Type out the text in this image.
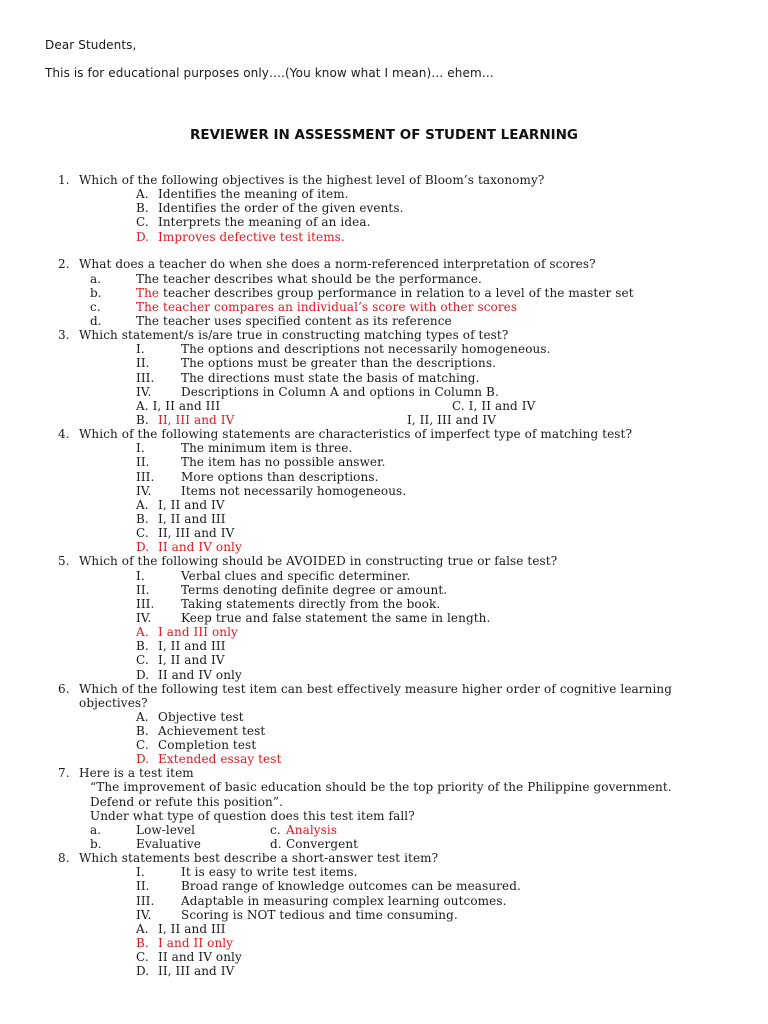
Dear Students,
This is for educational purposes only….(You know what I mean)… ehem…
REVIEWER IN ASSESSMENT OF STUDENT LEARNING
1. Which of the following objectives is the highest level of Bloom’s taxonomy?
A. Identifies the meaning of item.
B. Identifies the order of the given events.
C. Interprets the meaning of an idea.
D. Improves defective test items.
2. What does a teacher do when she does a norm-referenced interpretation of scores?
a.	The teacher describes what should be the performance.
b.	The teacher describes group performance in relation to a level of the master set
c.	The teacher compares an individual’s score with other scores
d.	The teacher uses specified content as its reference
3. Which statement/s is/are true in constructing matching types of test?
I.	The options and descriptions not necessarily homogeneous.
II.	The options must be greater than the descriptions.
III. The directions must state the basis of matching.
IV. Descriptions in Column A and options in Column B.
A. I, II and III	C. I, II and IV
B. II, III and IV	I, II, III and IV
4. Which of the following statements are characteristics of imperfect type of matching test?
I.	The minimum item is three.
II.	The item has no possible answer.
III. More options than descriptions.
IV. Items not necessarily homogeneous.
A. I, II and IV
B. I, II and III
C. II, III and IV
D. II and IV only
5. Which of the following should be AVOIDED in constructing true or false test?
I.	Verbal clues and specific determiner.
II.	Terms denoting definite degree or amount.
III. Taking statements directly from the book.
IV. Keep true and false statement the same in length.
A. I and III only
B. I, II and III
C. I, II and IV
D. II and IV only
6. Which of the following test item can best effectively measure higher order of cognitive learning
objectives?
A. Objective test
B. Achievement test
C. Completion test
D. Extended essay test
7. Here is a test item
“The improvement of basic education should be the top priority of the Philippine government.
Defend or refute this position”.
Under what type of question does this test item fall?
a.	Low-level	c. Analysis
b.	Evaluative	d. Convergent
8. Which statements best describe a short-answer test item?
I.	It is easy to write test items.
II.	Broad range of knowledge outcomes can be measured.
III. Adaptable in measuring complex learning outcomes.
IV. Scoring is NOT tedious and time consuming.
A. I, II and III
B. I and II only
C. II and IV only
D. II, III and IV
